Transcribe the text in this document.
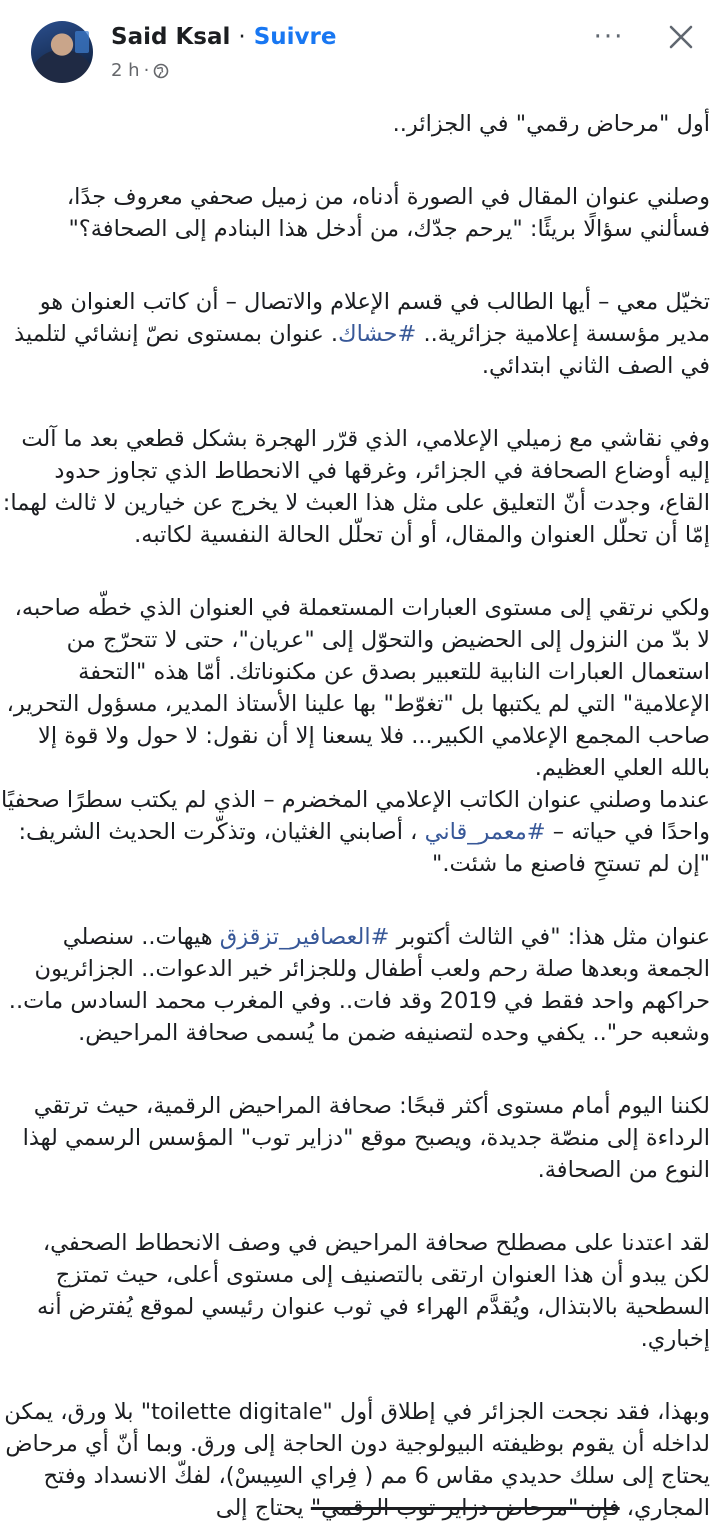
Said Ksal · Suivre
2 h ·
···

أول "مرحاض رقمي" في الجزائر..

وصلني عنوان المقال في الصورة أدناه، من زميل صحفي معروف جدًا، فسألني سؤالًا بريئًا: "يرحم جدّك، من أدخل هذا البنادم إلى الصحافة؟"

تخيّل معي – أيها الطالب في قسم الإعلام والاتصال – أن كاتب العنوان هو مدير مؤسسة إعلامية جزائرية.. #حشاك. عنوان بمستوى نصّ إنشائي لتلميذ في الصف الثاني ابتدائي.

وفي نقاشي مع زميلي الإعلامي، الذي قرّر الهجرة بشكل قطعي بعد ما آلت إليه أوضاع الصحافة في الجزائر، وغرقها في الانحطاط الذي تجاوز حدود القاع، وجدت أنّ التعليق على مثل هذا العبث لا يخرج عن خيارين لا ثالث لهما: إمّا أن تحلّل العنوان والمقال، أو أن تحلّل الحالة النفسية لكاتبه.

ولكي نرتقي إلى مستوى العبارات المستعملة في العنوان الذي خطّه صاحبه، لا بدّ من النزول إلى الحضيض والتحوّل إلى "عريان"، حتى لا تتحرّج من استعمال العبارات النابية للتعبير بصدق عن مكنوناتك. أمّا هذه "التحفة الإعلامية" التي لم يكتبها بل "تغوّط" بها علينا الأستاذ المدير، مسؤول التحرير، صاحب المجمع الإعلامي الكبير... فلا يسعنا إلا أن نقول: لا حول ولا قوة إلا بالله العلي العظيم.

عندما وصلني عنوان الكاتب الإعلامي المخضرم – الذي لم يكتب سطرًا صحفيًا واحدًا في حياته – #معمر_قاني ، أصابني الغثيان، وتذكّرت الحديث الشريف: "إن لم تستحِ فاصنع ما شئت."

عنوان مثل هذا: "في الثالث أكتوبر #العصافير_تزقزق هيهات.. سنصلي الجمعة وبعدها صلة رحم ولعب أطفال وللجزائر خير الدعوات.. الجزائريون حراكهم واحد فقط في 2019 وقد فات.. وفي المغرب محمد السادس مات.. وشعبه حر".. يكفي وحده لتصنيفه ضمن ما يُسمى صحافة المراحيض.

لكننا اليوم أمام مستوى أكثر قبحًا: صحافة المراحيض الرقمية، حيث ترتقي الرداءة إلى منصّة جديدة، ويصبح موقع "دزاير توب" المؤسس الرسمي لهذا النوع من الصحافة.

لقد اعتدنا على مصطلح صحافة المراحيض في وصف الانحطاط الصحفي، لكن يبدو أن هذا العنوان ارتقى بالتصنيف إلى مستوى أعلى، حيث تمتزج السطحية بالابتذال، ويُقدَّم الهراء في ثوب عنوان رئيسي لموقع يُفترض أنه إخباري.

وبهذا، فقد نجحت الجزائر في إطلاق أول "toilette digitale" بلا ورق، يمكن لداخله أن يقوم بوظيفته البيولوجية دون الحاجة إلى ورق. وبما أنّ أي مرحاض يحتاج إلى سلك حديدي مقاس 6 مم ( فِراي السِيسْ)، لفكّ الانسداد وفتح المجاري، فإن "مرحاض دزاير توب الرقمي" يحتاج إلى
